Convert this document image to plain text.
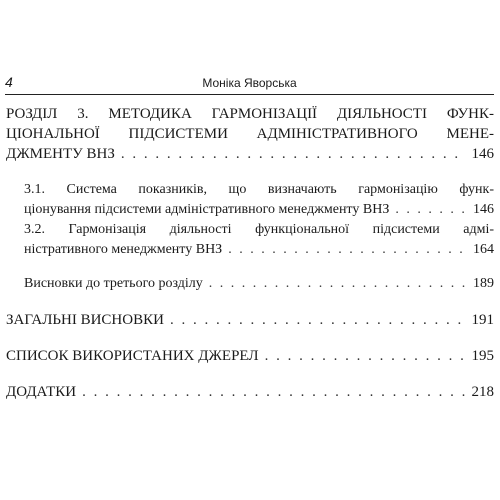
4	Моніка Яворська
РОЗДІЛ 3. МЕТОДИКА ГАРМОНІЗАЦІЇ ДІЯЛЬНОСТІ ФУНК-
ЦІОНАЛЬНОЇ ПІДСИСТЕМИ АДМІНІСТРАТИВНОГО МЕНЕ-
ДЖМЕНТУ ВНЗ . . .	146
3.1. Система показників, що визначають гармонізацію функ-
ціонування підсистеми адміністративного менеджменту ВНЗ . . .	146
3.2. Гармонізація діяльності функціональної підсистеми адмі-
ністративного менеджменту ВНЗ . . .	164
Висновки до третього розділу . . .	189
ЗАГАЛЬНІ ВИСНОВКИ . . .	191
СПИСОК ВИКОРИСТАНИХ ДЖЕРЕЛ . . .	195
ДОДАТКИ . . .	218
